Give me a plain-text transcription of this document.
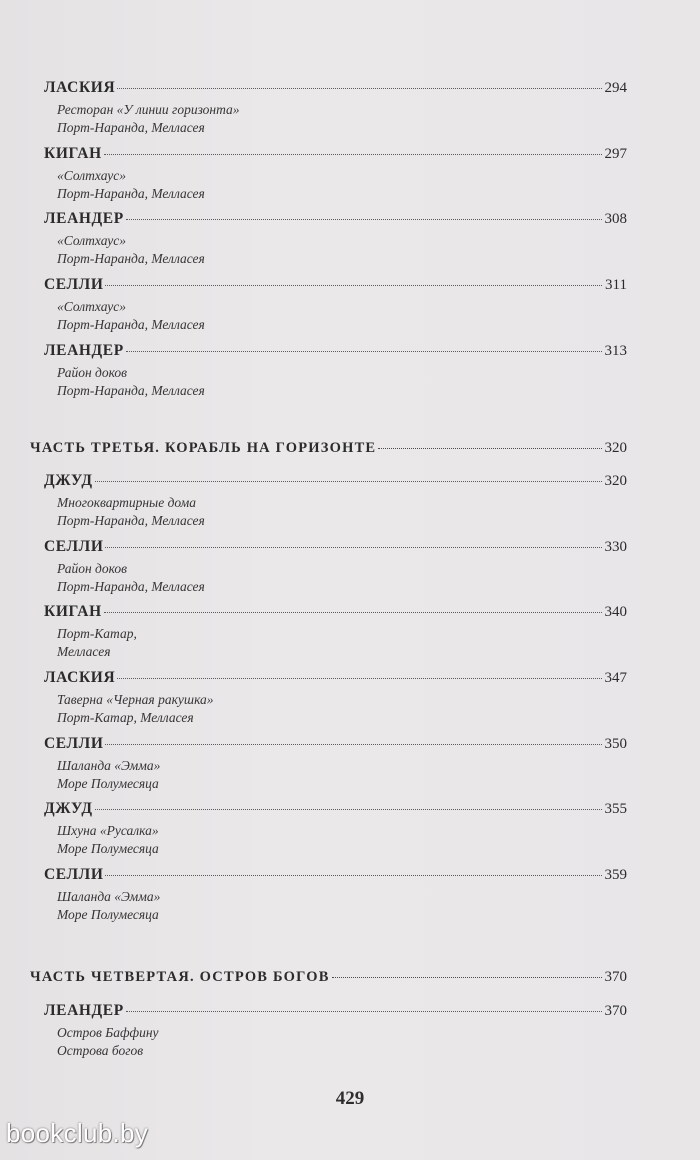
ЛАСКИЯ	294
Ресторан «У линии горизонта»
Порт-Наранда, Мелласея
КИГАН	297
«Солтхаус»
Порт-Наранда, Мелласея
ЛЕАНДЕР	308
«Солтхаус»
Порт-Наранда, Мелласея
СЕЛЛИ	311
«Солтхаус»
Порт-Наранда, Мелласея
ЛЕАНДЕР	313
Район доков
Порт-Наранда, Мелласея
ЧАСТЬ ТРЕТЬЯ. КОРАБЛЬ НА ГОРИЗОНТЕ	320
ДЖУД	320
Многоквартирные дома
Порт-Наранда, Мелласея
СЕЛЛИ	330
Район доков
Порт-Наранда, Мелласея
КИГАН	340
Порт-Катар,
Мелласея
ЛАСКИЯ	347
Таверна «Черная ракушка»
Порт-Катар, Мелласея
СЕЛЛИ	350
Шаланда «Эмма»
Море Полумесяца
ДЖУД	355
Шхуна «Русалка»
Море Полумесяца
СЕЛЛИ	359
Шаланда «Эмма»
Море Полумесяца
ЧАСТЬ ЧЕТВЕРТАЯ. ОСТРОВ БОГОВ	370
ЛЕАНДЕР	370
Остров Баффину
Острова богов
429
bookclub.by
